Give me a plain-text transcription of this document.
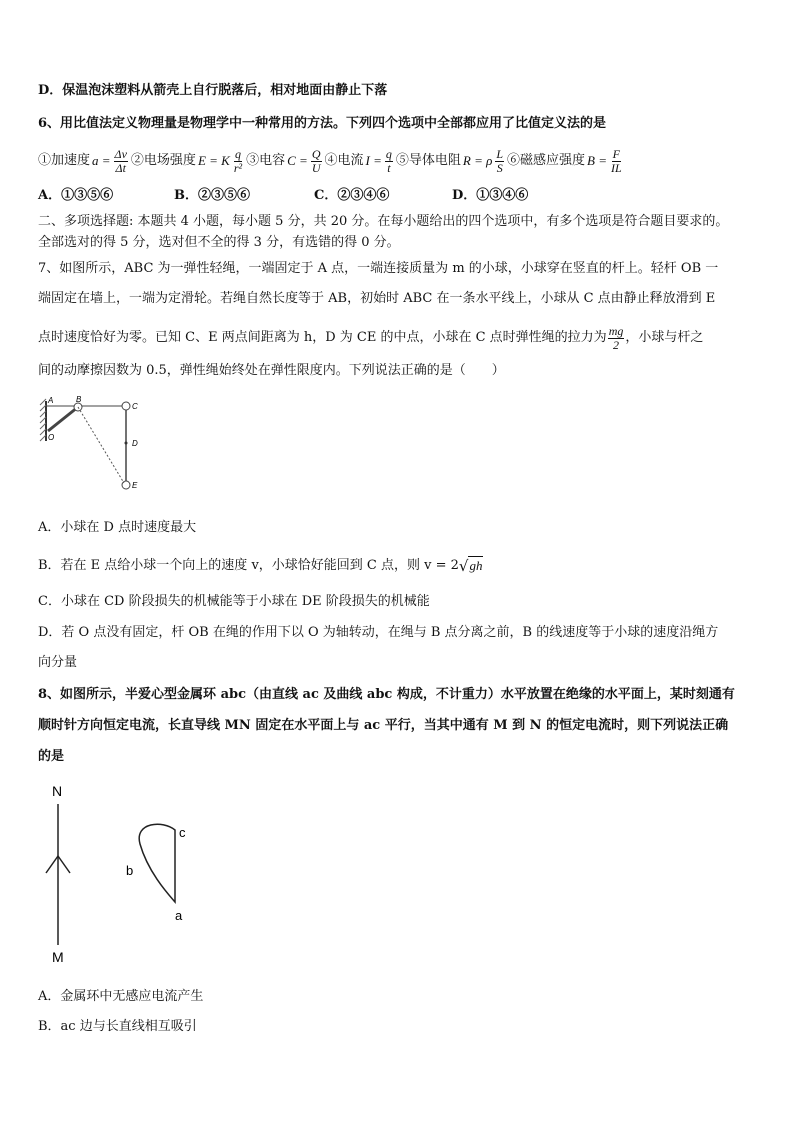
D．保温泡沫塑料从箭壳上自行脱落后，相对地面由静止下落
6、用比值法定义物理量是物理学中一种常用的方法。下列四个选项中全部都应用了比值定义法的是
①加速度 $a = \frac{\Delta v}{\Delta t}$ ②电场强度 E = K $\frac{q}{\text{r²}}$ ③电容 $C = \frac{Q}{U}$ ④电流 $I = \frac{q}{t}$ ⑤导体电阻 R = ρ $\frac{L}{S}$ ⑥磁感应强度 $B = \frac{F}{IL}$
A．①③⑤⑥	B．②③⑤⑥	C．②③④⑥	D．①③④⑥
二、多项选择题: 本题共 4 小题，每小题 5 分，共 20 分。在每小题给出的四个选项中，有多个选项是符合题目要求的。
全部选对的得 5 分，选对但不全的得 3 分，有选错的得 0 分。
7、如图所示，ABC 为一弹性轻绳，一端固定于 A 点，一端连接质量为 m 的小球，小球穿在竖直的杆上。轻杆 OB 一
端固定在墙上，一端为定滑轮。若绳自然长度等于 AB，初始时 ABC 在一条水平线上，小球从 C 点由静止释放滑到 E
点时速度恰好为零。已知 C、E 两点间距离为 h，D 为 CE 的中点，小球在 C 点时弹性绳的拉力为 $\frac{mg}{2}$ ，小球与杆之
间的动摩擦因数为 0.5，弹性绳始终处在弹性限度内。下列说法正确的是（　　）
A	B
C
D
E
O
A．小球在 D 点时速度最大
B．若在 E 点给小球一个向上的速度 v，小球恰好能回到 C 点，则 v = 2 √ gh
C．小球在 CD 阶段损失的机械能等于小球在 DE 阶段损失的机械能
D．若 O 点没有固定，杆 OB 在绳的作用下以 O 为轴转动，在绳与 B 点分离之前，B 的线速度等于小球的速度沿绳方
向分量
8、如图所示，半爱心型金属环 abc（由直线 ac 及曲线 abc 构成，不计重力）水平放置在绝缘的水平面上，某时刻通有
顺时针方向恒定电流，长直导线 MN 固定在水平面上与 ac 平行，当其中通有 M 到 N 的恒定电流时，则下列说法正确
的是
N
M
c
b
a
A．金属环中无感应电流产生
B．ac 边与长直线相互吸引
